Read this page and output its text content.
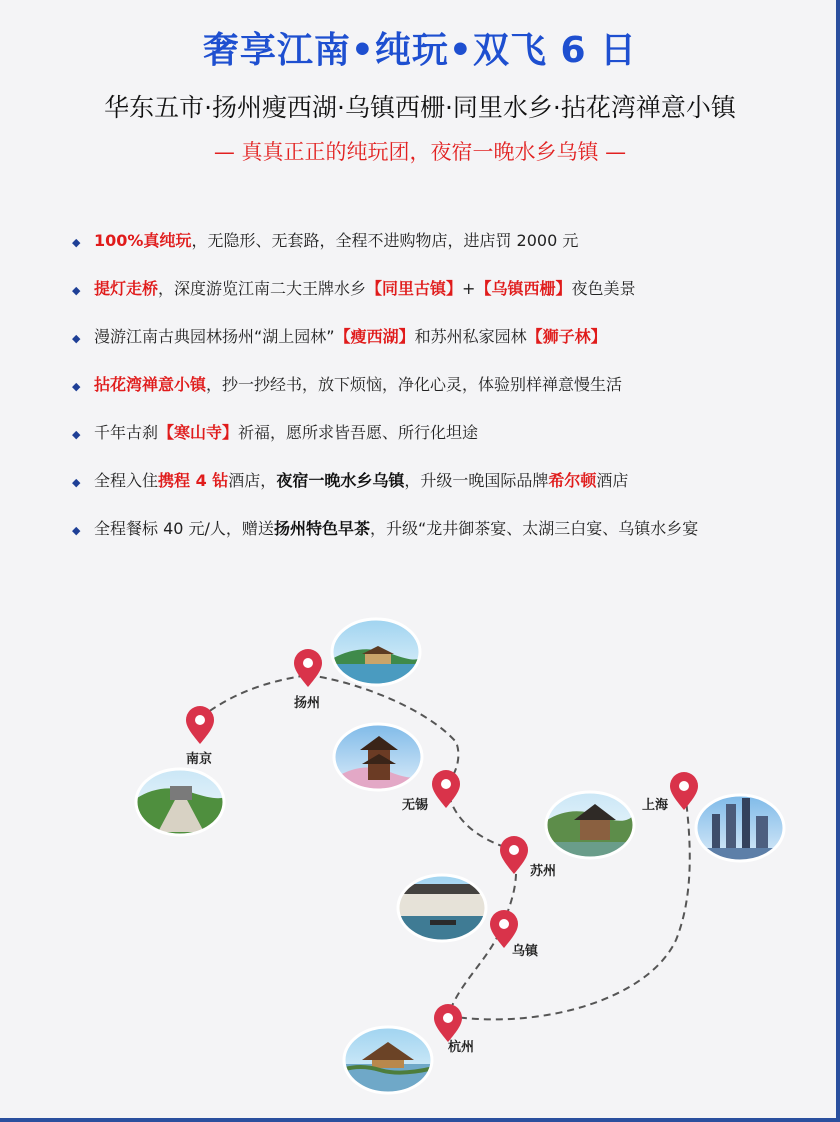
奢享江南•纯玩•双飞 6 日
华东五市·扬州瘦西湖·乌镇西栅·同里水乡·拈花湾禅意小镇
— 真真正正的纯玩团，夜宿一晚水乡乌镇 —
◆ 100%真纯玩，无隐形、无套路，全程不进购物店，进店罚 2000 元
◆ 提灯走桥，深度游览江南二大王牌水乡【同里古镇】+【乌镇西栅】夜色美景
◆ 漫游江南古典园林扬州“湖上园林”【瘦西湖】和苏州私家园林【狮子林】
◆ 拈花湾禅意小镇，抄一抄经书，放下烦恼，净化心灵，体验别样禅意慢生活
◆ 千年古刹【寒山寺】祈福，愿所求皆吾愿、所行化坦途
◆ 全程入住携程 4 钻酒店，夜宿一晚水乡乌镇，升级一晚国际品牌希尔顿酒店
◆ 全程餐标 40 元/人，赠送扬州特色早茶，升级“龙井御茶宴、太湖三白宴、乌镇水乡宴
扬州
南京
无锡	上海
苏州
乌镇
杭州
